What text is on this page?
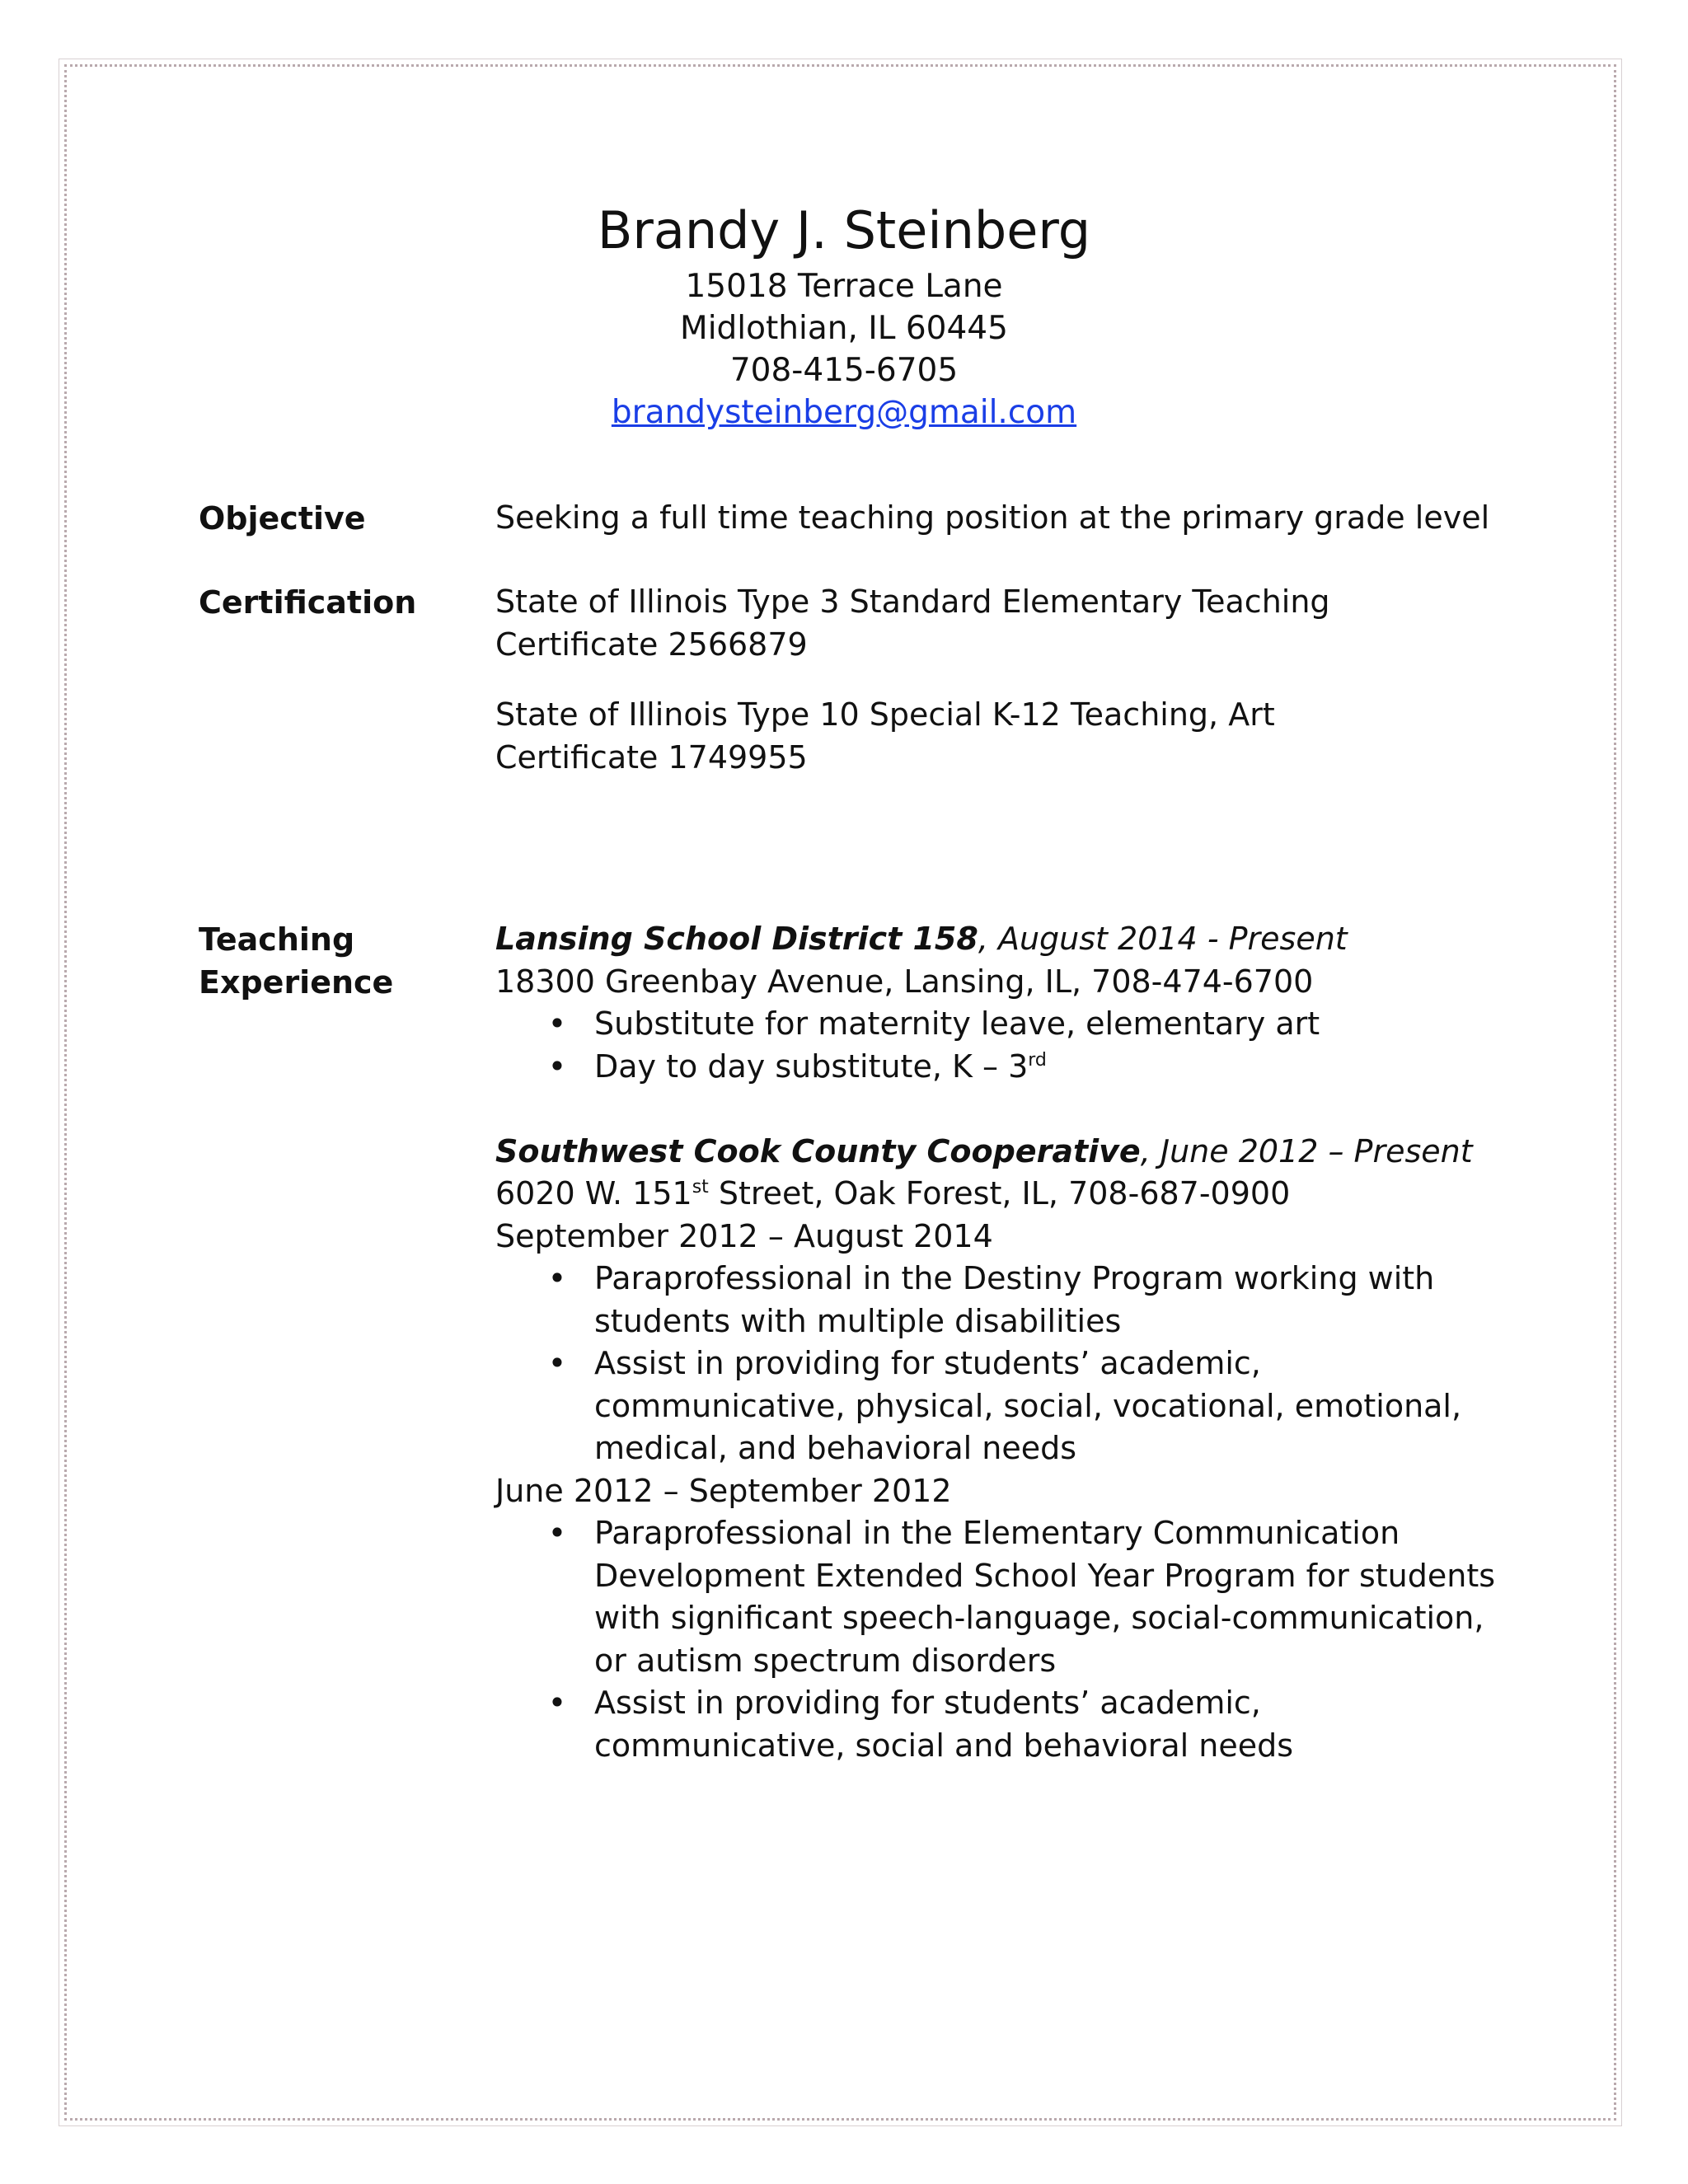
Brandy J. Steinberg
15018 Terrace Lane
Midlothian, IL 60445
708-415-6705
brandysteinberg@gmail.com
Objective	Seeking a full time teaching position at the primary grade level

Certification	State of Illinois Type 3 Standard Elementary Teaching

Certificate 2566879

State of Illinois Type 10 Special K-12 Teaching, Art

Certificate 1749955

Teaching
Experience

Lansing School District 158, August 2014 - Present

18300 Greenbay Avenue, Lansing, IL, 708-474-6700

• Substitute for maternity leave, elementary art
• Day to day substitute, K – 3rd

Southwest Cook County Cooperative, June 2012 – Present

6020 W. 151st Street, Oak Forest, IL, 708-687-0900

September 2012 – August 2014

• Paraprofessional in the Destiny Program working with students with multiple disabilities
• Assist in providing for students’ academic, communicative, physical, social, vocational, emotional, medical, and behavioral needs

June 2012 – September 2012

• Paraprofessional in the Elementary Communication Development Extended School Year Program for students with significant speech-language, social-communication, or autism spectrum disorders
• Assist in providing for students’ academic, communicative, social and behavioral needs
